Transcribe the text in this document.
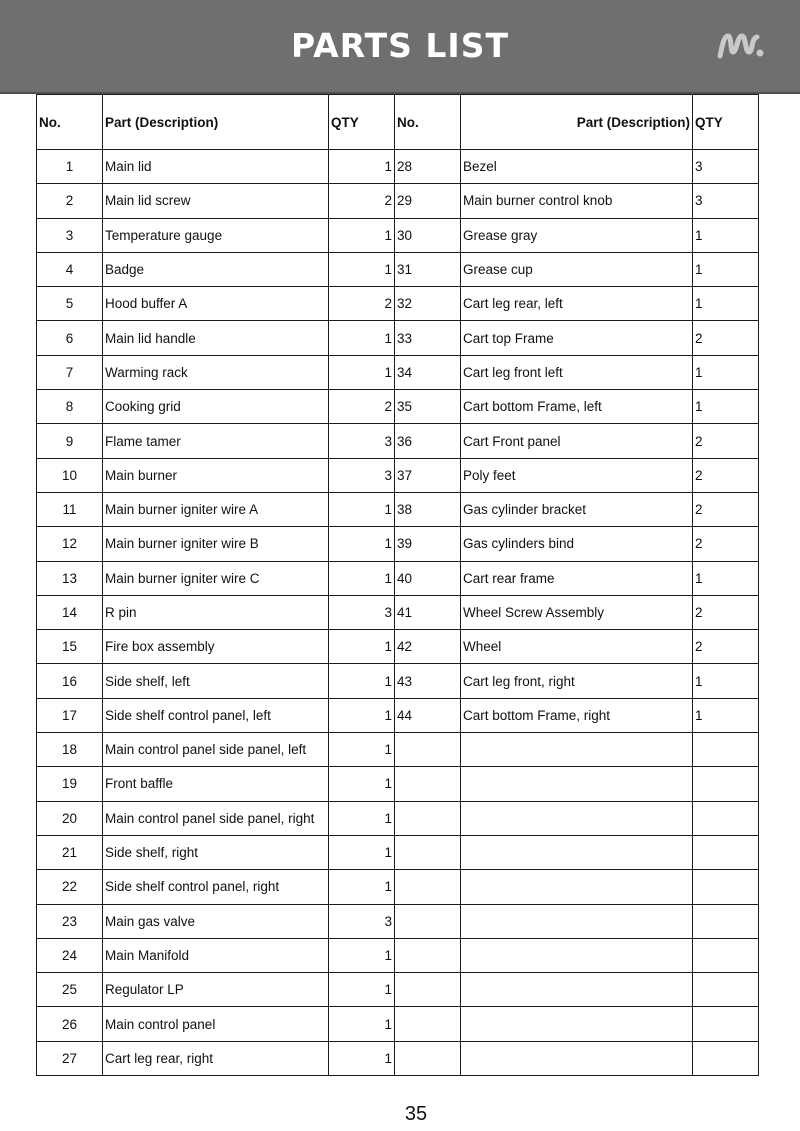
PARTS LIST
No.	Part (Description)	QTY	No.	Part (Description)	QTY
1	Main lid	1	28	Bezel	3
2	Main lid screw	2	29	Main burner control knob	3
3	Temperature gauge	1	30	Grease gray	1
4	Badge	1	31	Grease cup	1
5	Hood buffer A	2	32	Cart leg rear, left	1
6	Main lid handle	1	33	Cart top Frame	2
7	Warming rack	1	34	Cart leg front left	1
8	Cooking grid	2	35	Cart bottom Frame, left	1
9	Flame tamer	3	36	Cart Front panel	2
10	Main burner	3	37	Poly feet	2
11	Main burner igniter wire A	1	38	Gas cylinder bracket	2
12	Main burner igniter wire B	1	39	Gas cylinders bind	2
13	Main burner igniter wire C	1	40	Cart rear frame	1
14	R pin	3	41	Wheel Screw Assembly	2
15	Fire box assembly	1	42	Wheel	2
16	Side shelf, left	1	43	Cart leg front, right	1
17	Side shelf control panel, left	1	44	Cart bottom Frame, right	1
18	Main control panel side panel, left	1			
19	Front baffle	1			
20	Main control panel side panel, right	1			
21	Side shelf, right	1			
22	Side shelf control panel, right	1			
23	Main gas valve	3			
24	Main Manifold	1			
25	Regulator LP	1			
26	Main control panel	1			
27	Cart leg rear, right	1			
35
